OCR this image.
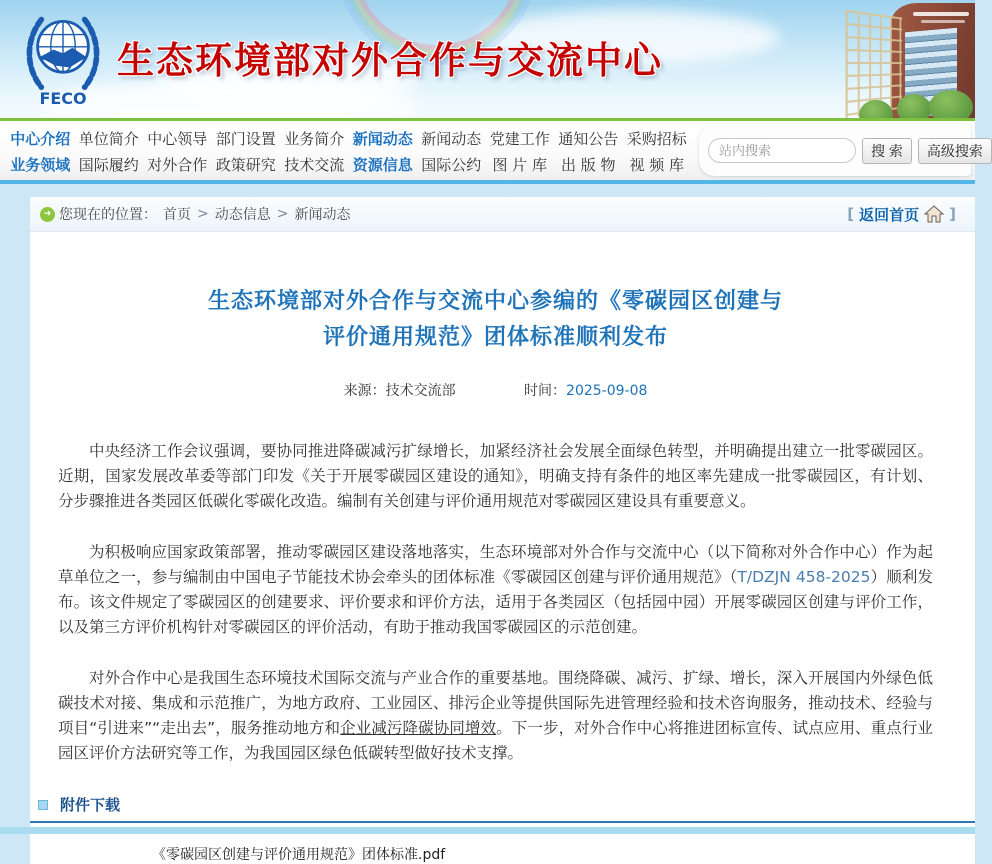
FECO
生态环境部对外合作与交流中心
中心介绍
业务领域
单位简介
国际履约
中心领导
对外合作
部门设置
政策研究
业务简介
技术交流
新闻动态
资源信息
新闻动态
国际公约
党建工作
图 片 库
通知公告
出 版 物
采购招标
视 频 库
站内搜索
搜 索	高级搜索
➜ 您现在的位置： 首页 > 动态信息 > 新闻动态	[ 返回首页 ]
生态环境部对外合作与交流中心参编的《零碳园区创建与
评价通用规范》团体标准顺利发布
来源：技术交流部	时间：2025-09-08

中央经济工作会议强调，要协同推进降碳减污扩绿增长，加紧经济社会发展全面绿色转型，并明确提出建立一批零碳园区。近期，国家发展改革委等部门印发《关于开展零碳园区建设的通知》，明确支持有条件的地区率先建成一批零碳园区，有计划、分步骤推进各类园区低碳化零碳化改造。编制有关创建与评价通用规范对零碳园区建设具有重要意义。

为积极响应国家政策部署，推动零碳园区建设落地落实，生态环境部对外合作与交流中心（以下简称对外合作中心）作为起草单位之一，参与编制由中国电子节能技术协会牵头的团体标准《零碳园区创建与评价通用规范》（T/DZJN 458-2025）顺利发布。该文件规定了零碳园区的创建要求、评价要求和评价方法，适用于各类园区（包括园中园）开展零碳园区创建与评价工作，以及第三方评价机构针对零碳园区的评价活动，有助于推动我国零碳园区的示范创建。

对外合作中心是我国生态环境技术国际交流与产业合作的重要基地。围绕降碳、减污、扩绿、增长，深入开展国内外绿色低碳技术对接、集成和示范推广，为地方政府、工业园区、排污企业等提供国际先进管理经验和技术咨询服务，推动技术、经验与项目“引进来”“走出去”，服务推动地方和企业减污降碳协同增效。下一步，对外合作中心将推进团标宣传、试点应用、重点行业园区评价方法研究等工作，为我国园区绿色低碳转型做好技术支撑。

附件下载
《零碳园区创建与评价通用规范》团体标准.pdf
